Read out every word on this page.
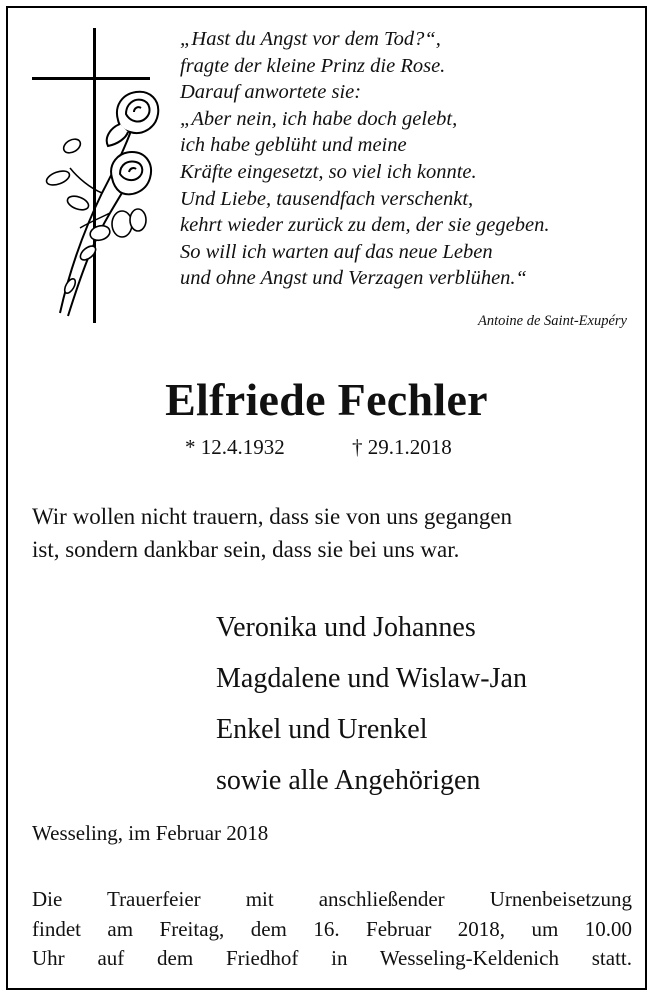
„Hast du Angst vor dem Tod?“,
fragte der kleine Prinz die Rose.
Darauf anwortete sie:
„Aber nein, ich habe doch gelebt,
ich habe geblüht und meine
Kräfte eingesetzt, so viel ich konnte.
Und Liebe, tausendfach verschenkt,
kehrt wieder zurück zu dem, der sie gegeben.
So will ich warten auf das neue Leben
und ohne Angst und Verzagen verblühen.“
Antoine de Saint-Exupéry
Elfriede Fechler
* 12.4.1932	† 29.1.2018
Wir wollen nicht trauern, dass sie von uns gegangen
ist, sondern dankbar sein, dass sie bei uns war.
Veronika und Johannes
Magdalene und Wislaw-Jan
Enkel und Urenkel
sowie alle Angehörigen
Wesseling, im Februar 2018
Die Trauerfeier mit anschließender Urnenbeisetzung
findet am Freitag, dem 16. Februar 2018, um 10.00
Uhr auf dem Friedhof in Wesseling-Keldenich statt.
